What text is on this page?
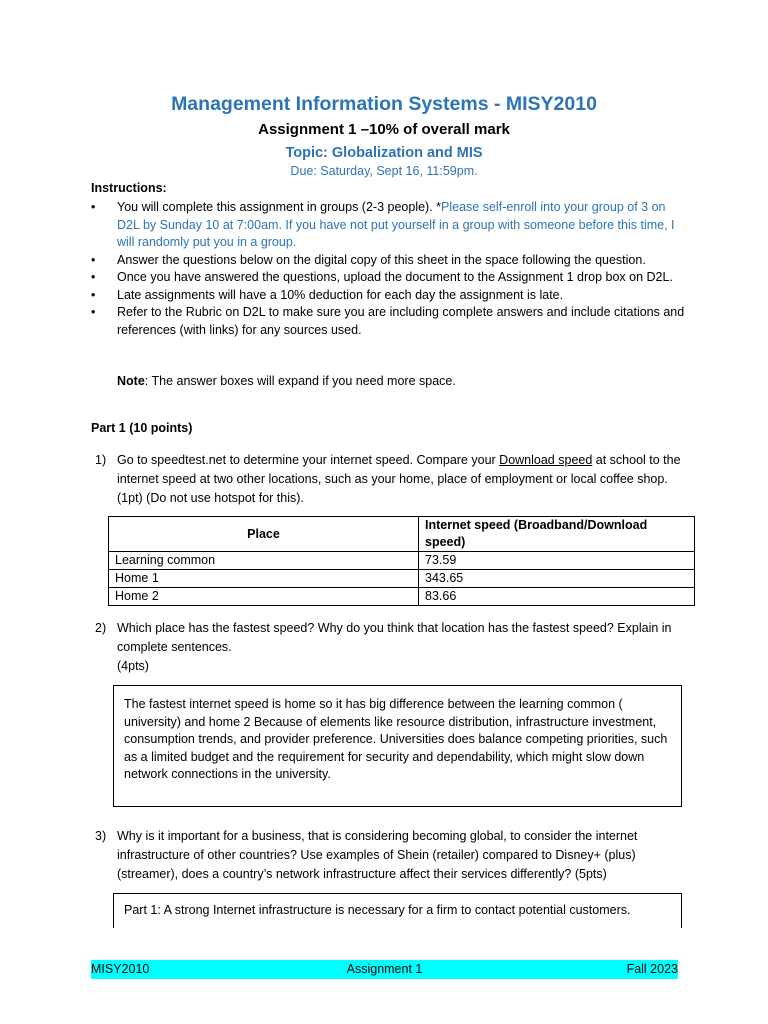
Management Information Systems - MISY2010
Assignment 1 –10% of overall mark
Topic: Globalization and MIS
Due: Saturday, Sept 16, 11:59pm.
Instructions:
• You will complete this assignment in groups (2-3 people). *Please self-enroll into your group of 3 on D2L by Sunday 10 at 7:00am. If you have not put yourself in a group with someone before this time, I will randomly put you in a group.
• Answer the questions below on the digital copy of this sheet in the space following the question.
• Once you have answered the questions, upload the document to the Assignment 1 drop box on D2L.
• Late assignments will have a 10% deduction for each day the assignment is late.
• Refer to the Rubric on D2L to make sure you are including complete answers and include citations and references (with links) for any sources used.
Note: The answer boxes will expand if you need more space.
Part 1 (10 points)
1) Go to speedtest.net to determine your internet speed. Compare your Download speed at school to the internet speed at two other locations, such as your home, place of employment or local coffee shop. (1pt) (Do not use hotspot for this).
Place	Internet speed (Broadband/Download speed)
Learning common	73.59
Home 1	343.65
Home 2	83.66
2) Which place has the fastest speed? Why do you think that location has the fastest speed? Explain in complete sentences.
(4pts)
The fastest internet speed is home so it has big difference between the learning common ( university) and home 2 Because of elements like resource distribution, infrastructure investment, consumption trends, and provider preference. Universities does balance competing priorities, such as a limited budget and the requirement for security and dependability, which might slow down network connections in the university.
3) Why is it important for a business, that is considering becoming global, to consider the internet infrastructure of other countries? Use examples of Shein (retailer) compared to Disney+ (plus) (streamer), does a country’s network infrastructure affect their services differently? (5pts)
Part 1: A strong Internet infrastructure is necessary for a firm to contact potential customers.
MISY2010	Assignment 1	Fall 2023
